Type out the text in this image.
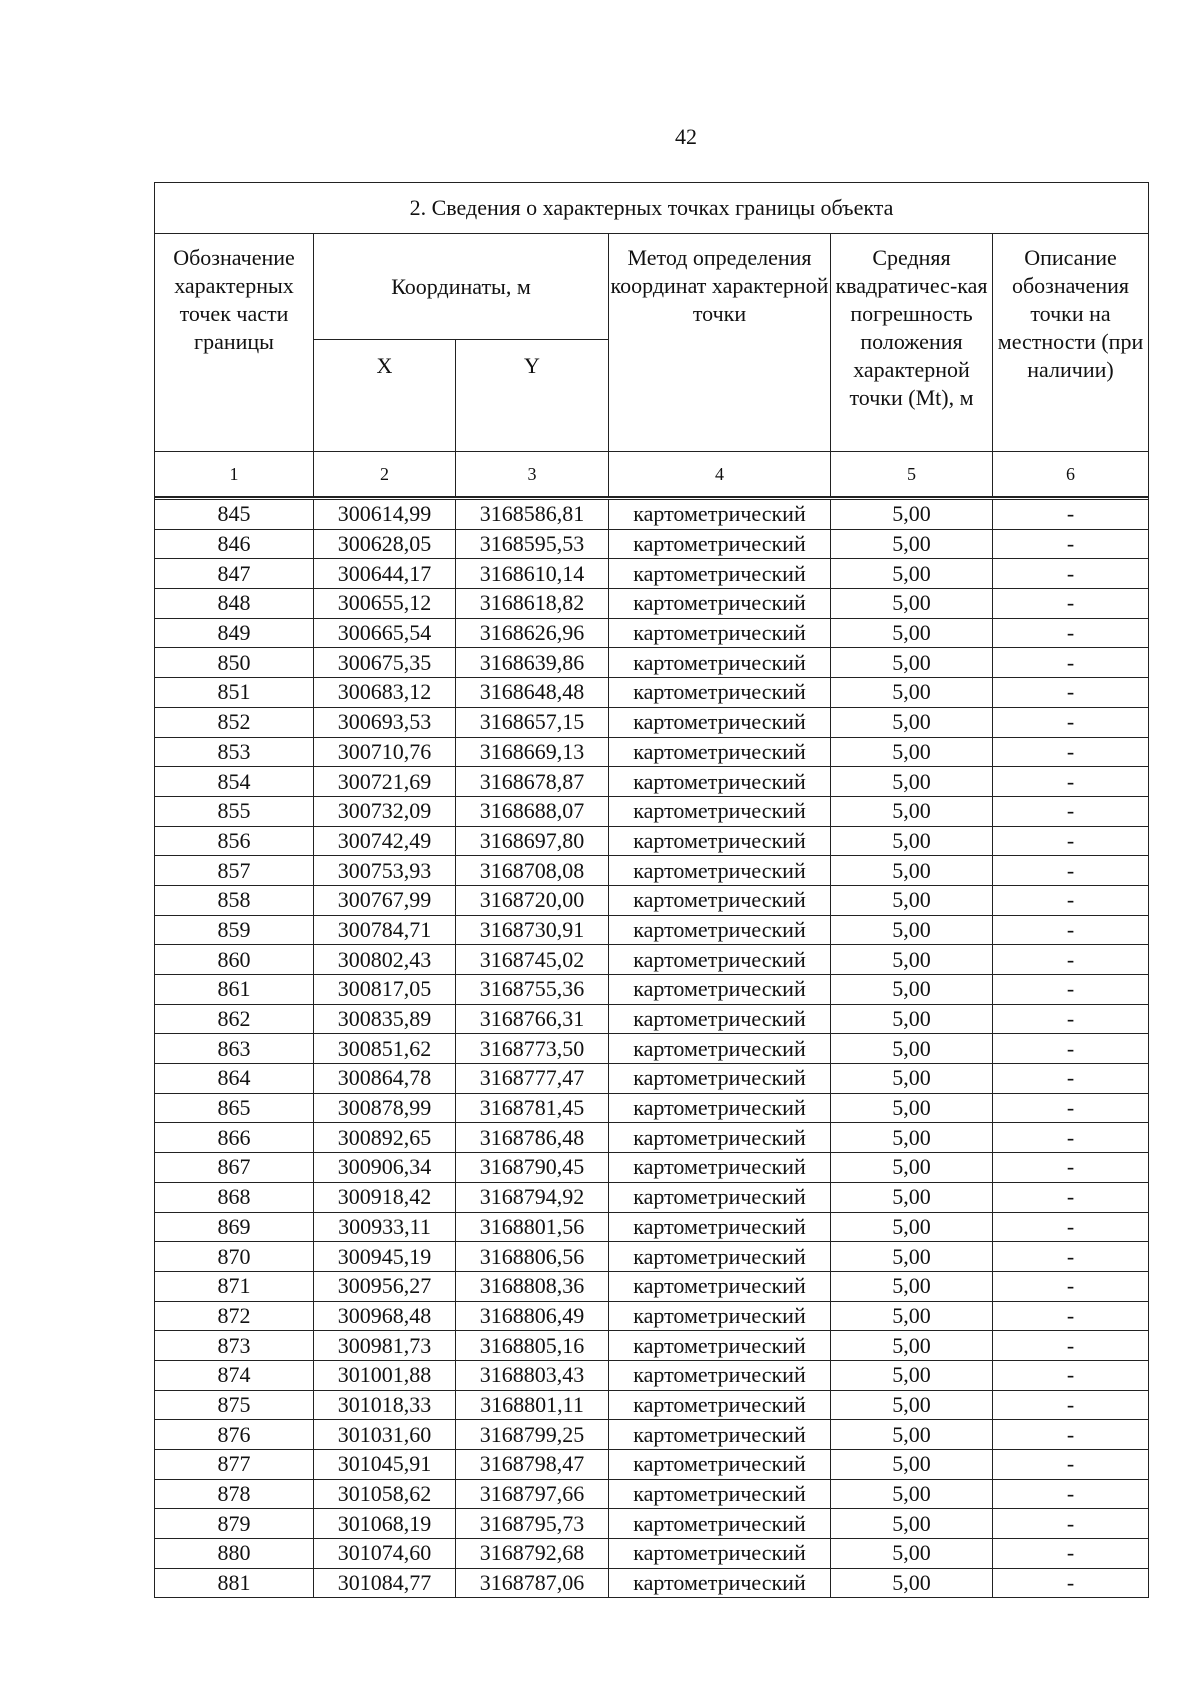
42
2. Сведения о характерных точках границы объекта					
Обозначение характерных точек части границы	Координаты, м		Метод определения координат характерной точки	Средняя квадратичес-кая погрешность положения характерной точки (Mt), м	Описание обозначения точки на местности (при наличии)
	X	Y			
1	2	3	4	5	6

845	300614,99	3168586,81	картометрический	5,00	-
846	300628,05	3168595,53	картометрический	5,00	-
847	300644,17	3168610,14	картометрический	5,00	-
848	300655,12	3168618,82	картометрический	5,00	-
849	300665,54	3168626,96	картометрический	5,00	-
850	300675,35	3168639,86	картометрический	5,00	-
851	300683,12	3168648,48	картометрический	5,00	-
852	300693,53	3168657,15	картометрический	5,00	-
853	300710,76	3168669,13	картометрический	5,00	-
854	300721,69	3168678,87	картометрический	5,00	-
855	300732,09	3168688,07	картометрический	5,00	-
856	300742,49	3168697,80	картометрический	5,00	-
857	300753,93	3168708,08	картометрический	5,00	-
858	300767,99	3168720,00	картометрический	5,00	-
859	300784,71	3168730,91	картометрический	5,00	-
860	300802,43	3168745,02	картометрический	5,00	-
861	300817,05	3168755,36	картометрический	5,00	-
862	300835,89	3168766,31	картометрический	5,00	-
863	300851,62	3168773,50	картометрический	5,00	-
864	300864,78	3168777,47	картометрический	5,00	-
865	300878,99	3168781,45	картометрический	5,00	-
866	300892,65	3168786,48	картометрический	5,00	-
867	300906,34	3168790,45	картометрический	5,00	-
868	300918,42	3168794,92	картометрический	5,00	-
869	300933,11	3168801,56	картометрический	5,00	-
870	300945,19	3168806,56	картометрический	5,00	-
871	300956,27	3168808,36	картометрический	5,00	-
872	300968,48	3168806,49	картометрический	5,00	-
873	300981,73	3168805,16	картометрический	5,00	-
874	301001,88	3168803,43	картометрический	5,00	-
875	301018,33	3168801,11	картометрический	5,00	-
876	301031,60	3168799,25	картометрический	5,00	-
877	301045,91	3168798,47	картометрический	5,00	-
878	301058,62	3168797,66	картометрический	5,00	-
879	301068,19	3168795,73	картометрический	5,00	-
880	301074,60	3168792,68	картометрический	5,00	-
881	301084,77	3168787,06	картометрический	5,00	-
